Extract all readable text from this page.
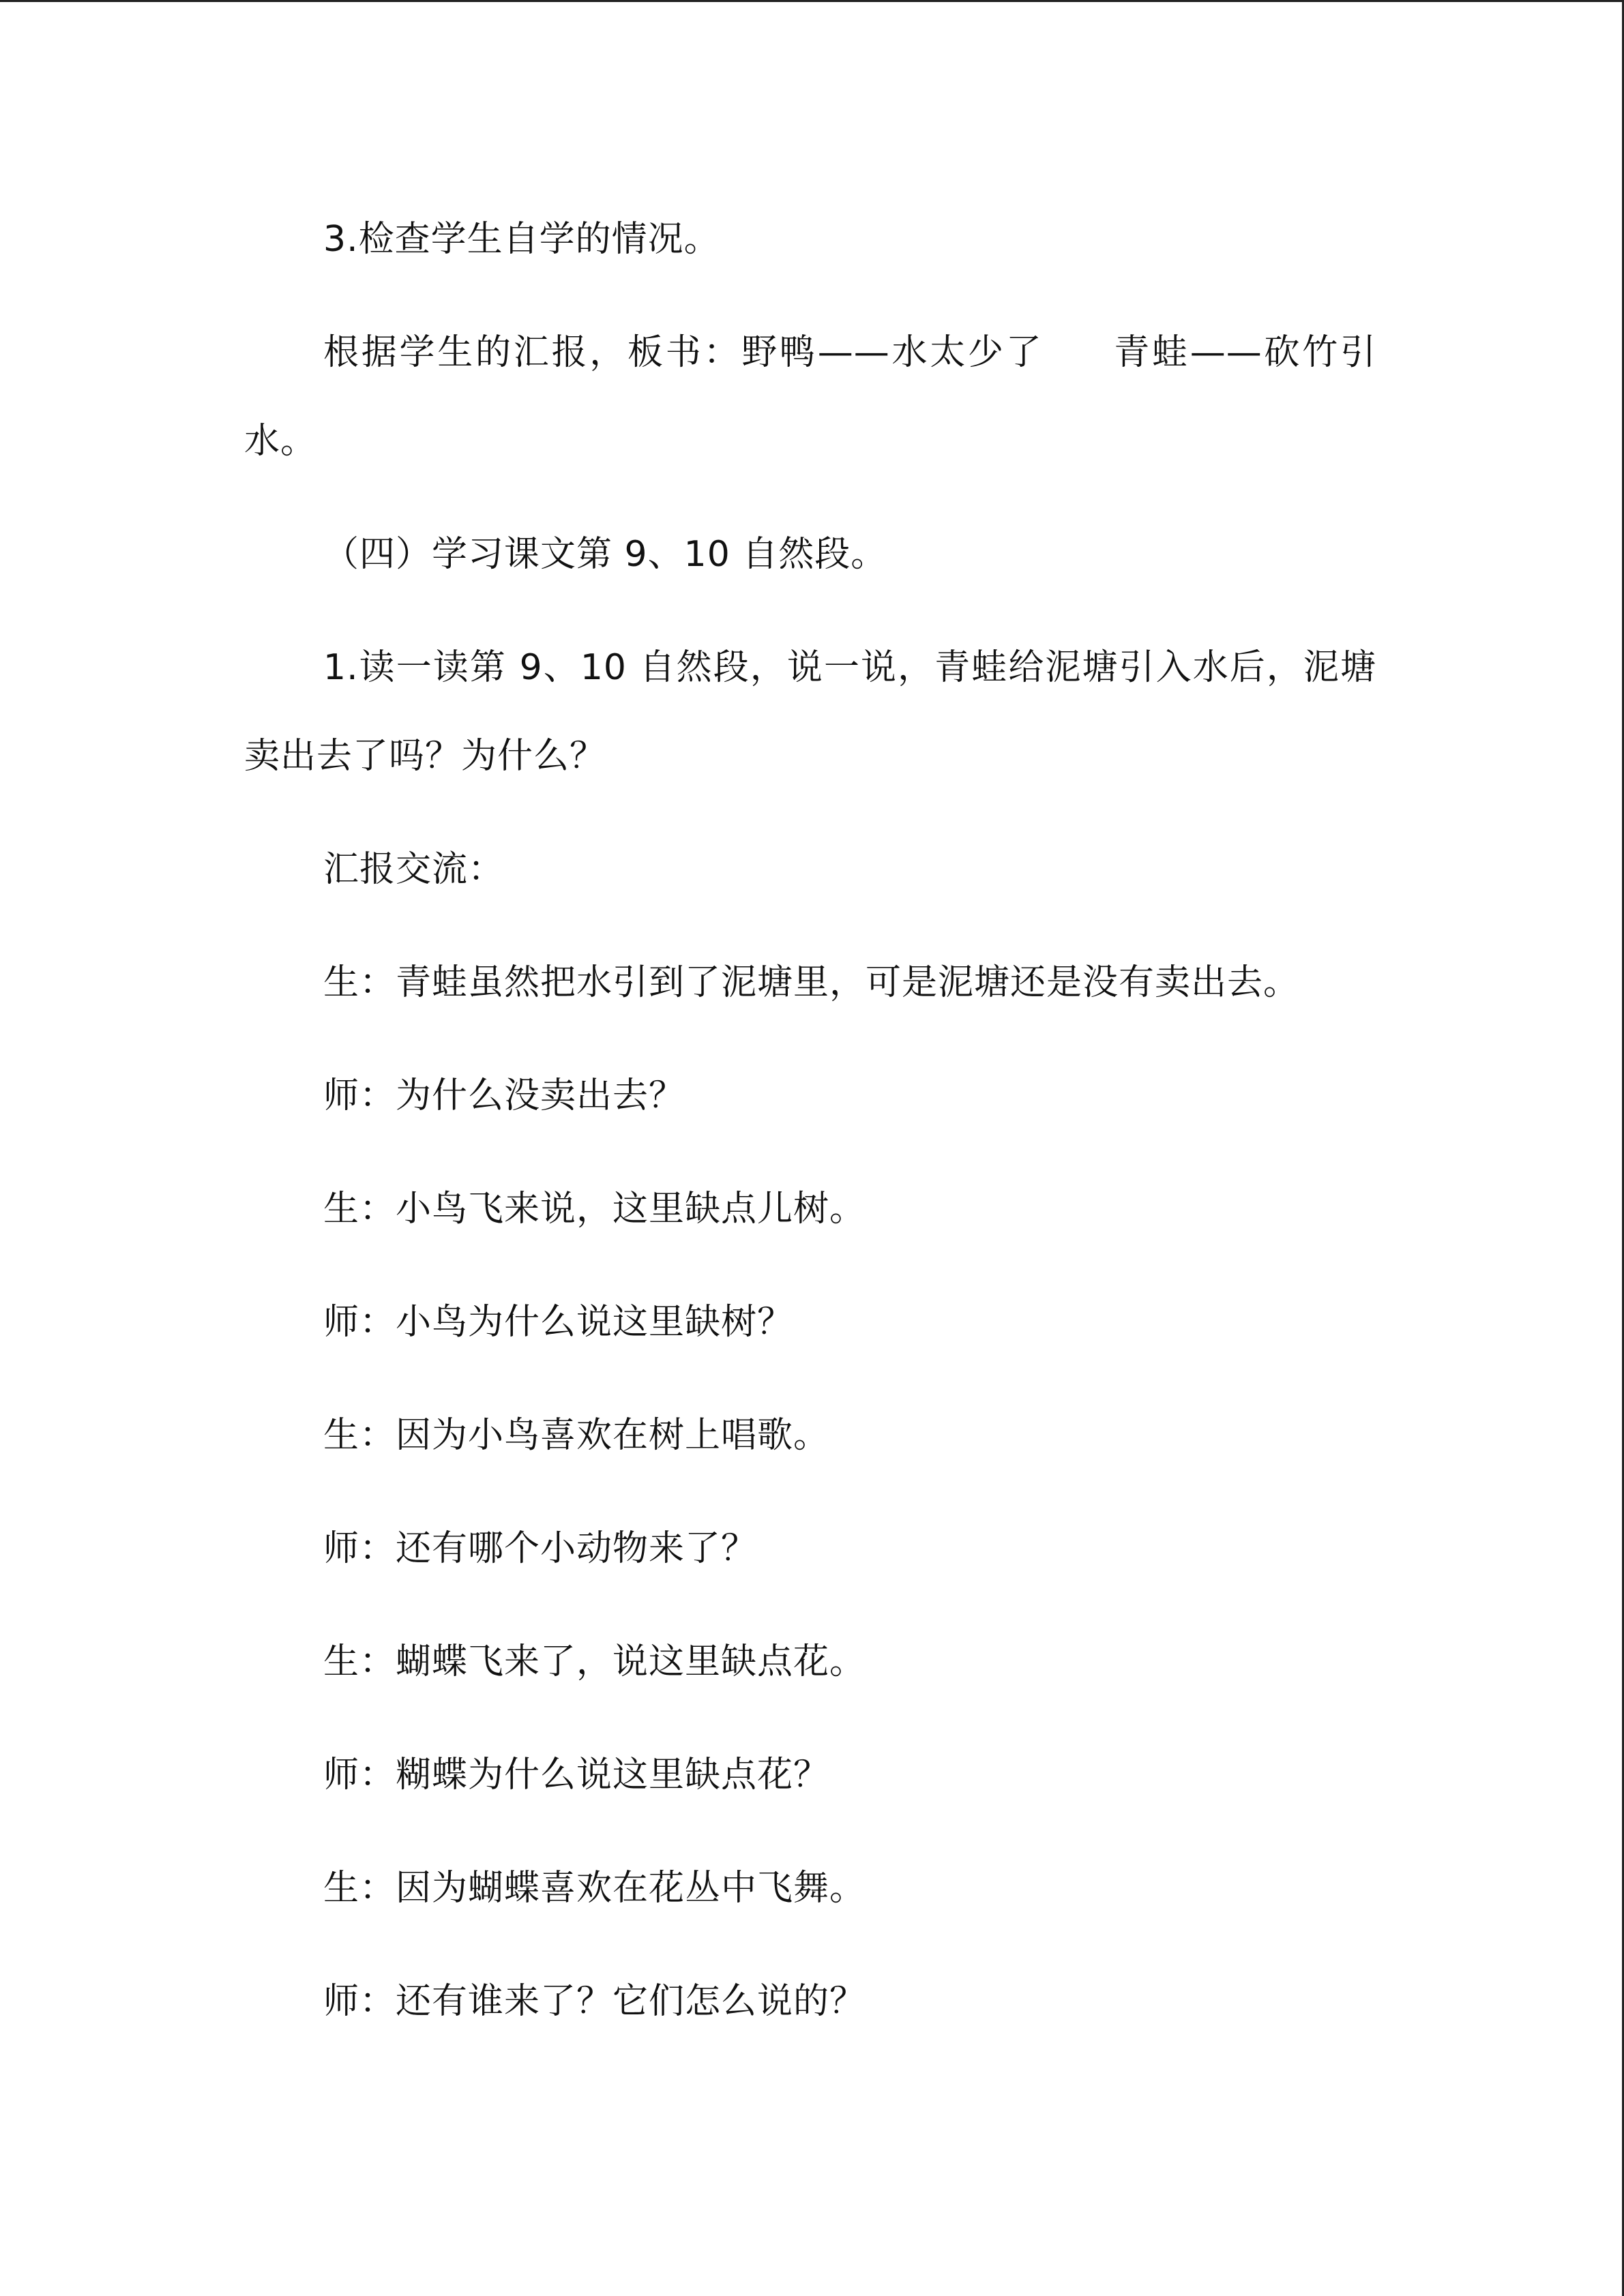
3.检查学生自学的情况。

根据学生的汇报，板书：野鸭——水太少了 青蛙——砍竹引水。

（四）学习课文第 9、10 自然段。

1.读一读第 9、10 自然段，说一说，青蛙给泥塘引入水后，泥塘卖出去了吗？为什么？

汇报交流：

生：青蛙虽然把水引到了泥塘里，可是泥塘还是没有卖出去。

师：为什么没卖出去？

生：小鸟飞来说，这里缺点儿树。

师：小鸟为什么说这里缺树？

生：因为小鸟喜欢在树上唱歌。

师：还有哪个小动物来了？

生：蝴蝶飞来了，说这里缺点花。

师：糊蝶为什么说这里缺点花？

生：因为蝴蝶喜欢在花丛中飞舞。

师：还有谁来了？它们怎么说的？
